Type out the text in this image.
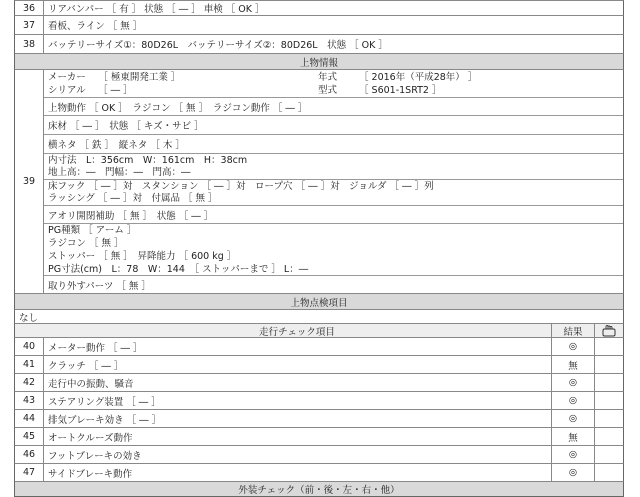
36	リアバンパー ［ 有 ］ 状態 ［ ― ］ 車検 ［ OK ］
37	看板、ライン ［ 無 ］
38	バッテリーサイズ①：80D26L　バッテリーサイズ②：80D26L　状態 ［ OK ］
上物情報
39
メーカー　 ［ 極東開発工業 ］	年式　　 ［ 2016年（平成28年） ］
シリアル　 ［ ― ］	型式　　 ［ S601-1SRT2 ］
上物動作 ［ OK ］　ラジコン ［ 無 ］　ラジコン動作 ［ ― ］
床材 ［ ― ］　状態 ［ キズ・サビ ］
横ネタ ［ 鉄 ］　縦ネタ ［ 木 ］
内寸法　L：356cm　W：161cm　H：38cm
地上高：―　門幅：―　門高：―
床フック ［ ― ］対　スタンション ［ ― ］対　ロープ穴 ［ ― ］対　ジョルダ ［ ― ］列
ラッシング ［ ― ］対　付属品 ［ 無 ］
アオリ開閉補助 ［ 無 ］　状態 ［ ― ］
PG種類 ［ アーム ］
ラジコン ［ 無 ］
ストッパー ［ 無 ］　昇降能力 ［ 600 kg ］
PG寸法(cm)　L：78　W：144　［ ストッパーまで ］ L：―
取り外すパーツ ［ 無 ］
上物点検項目
なし
走行チェック項目	結果
40	メーター動作 ［ ― ］	◎
41	クラッチ ［ ― ］	無
42	走行中の振動、騒音	◎
43	ステアリング装置 ［ ― ］	◎
44	排気ブレーキ効き ［ ― ］	◎
45	オートクルーズ動作	無
46	フットブレーキの効き	◎
47	サイドブレーキ動作	◎
外装チェック（前・後・左・右・他）
